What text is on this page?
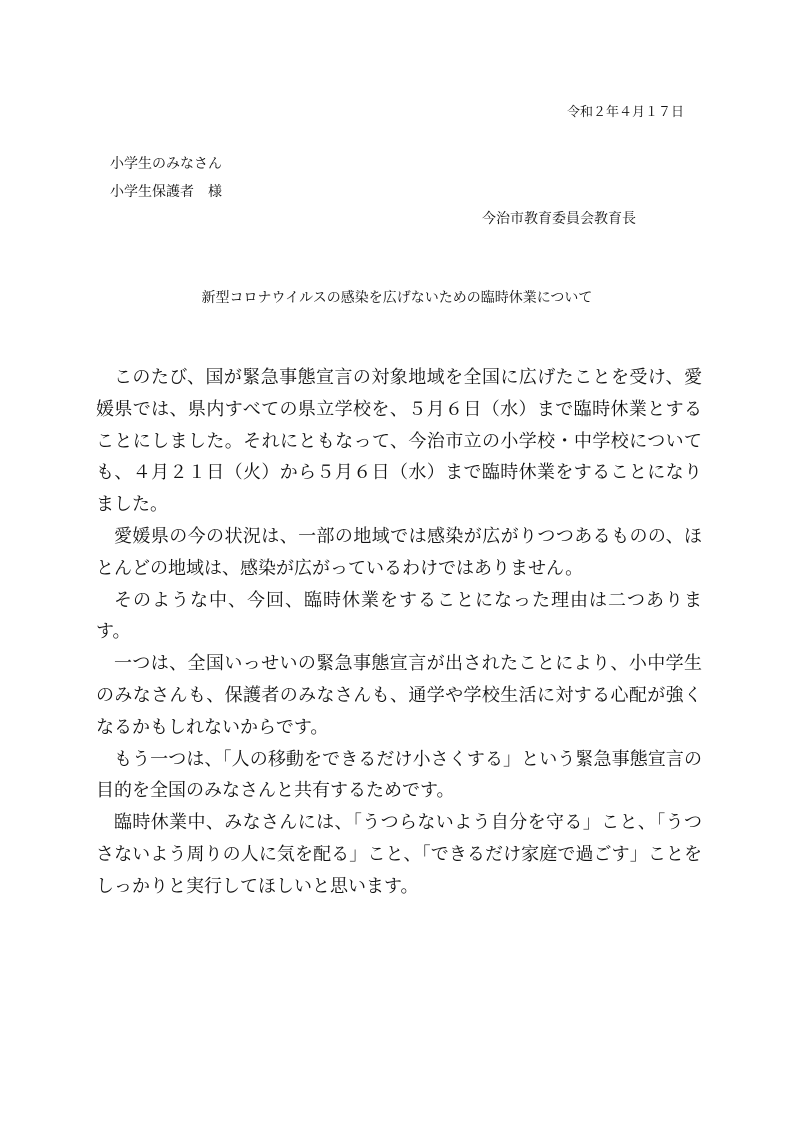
令和２年４月１７日
小学生のみなさん
小学生保護者　様
今治市教育委員会教育長
新型コロナウイルスの感染を広げないための臨時休業について

このたび、国が緊急事態宣言の対象地域を全国に広げたことを受け、愛媛県では、県内すべての県立学校を、５月６日（水）まで臨時休業とすることにしました。それにともなって、今治市立の小学校・中学校についても、４月２１日（火）から５月６日（水）まで臨時休業をすることになりました。

愛媛県の今の状況は、一部の地域では感染が広がりつつあるものの、ほとんどの地域は、感染が広がっているわけではありません。

そのような中、今回、臨時休業をすることになった理由は二つあります。

一つは、全国いっせいの緊急事態宣言が出されたことにより、小中学生のみなさんも、保護者のみなさんも、通学や学校生活に対する心配が強くなるかもしれないからです。

もう一つは、「人の移動をできるだけ小さくする」という緊急事態宣言の目的を全国のみなさんと共有するためです。

臨時休業中、みなさんには、「うつらないよう自分を守る」こと、「うつさないよう周りの人に気を配る」こと、「できるだけ家庭で過ごす」ことをしっかりと実行してほしいと思います。
